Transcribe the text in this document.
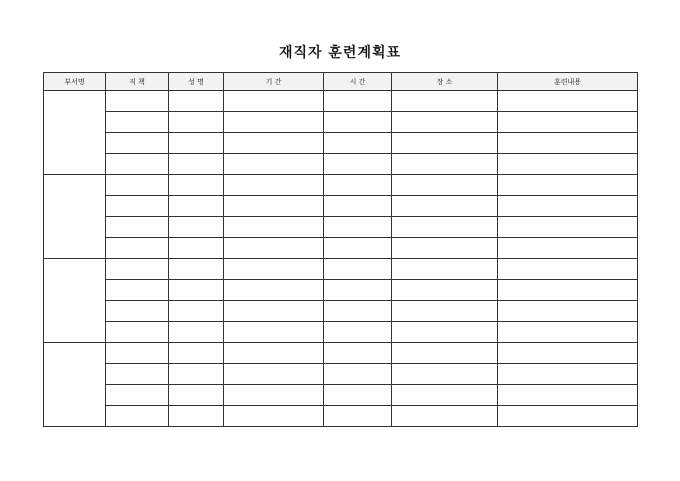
재직자 훈련계획표
부서명	직 책	성 명	기 간	시 간	장 소	훈련내용
